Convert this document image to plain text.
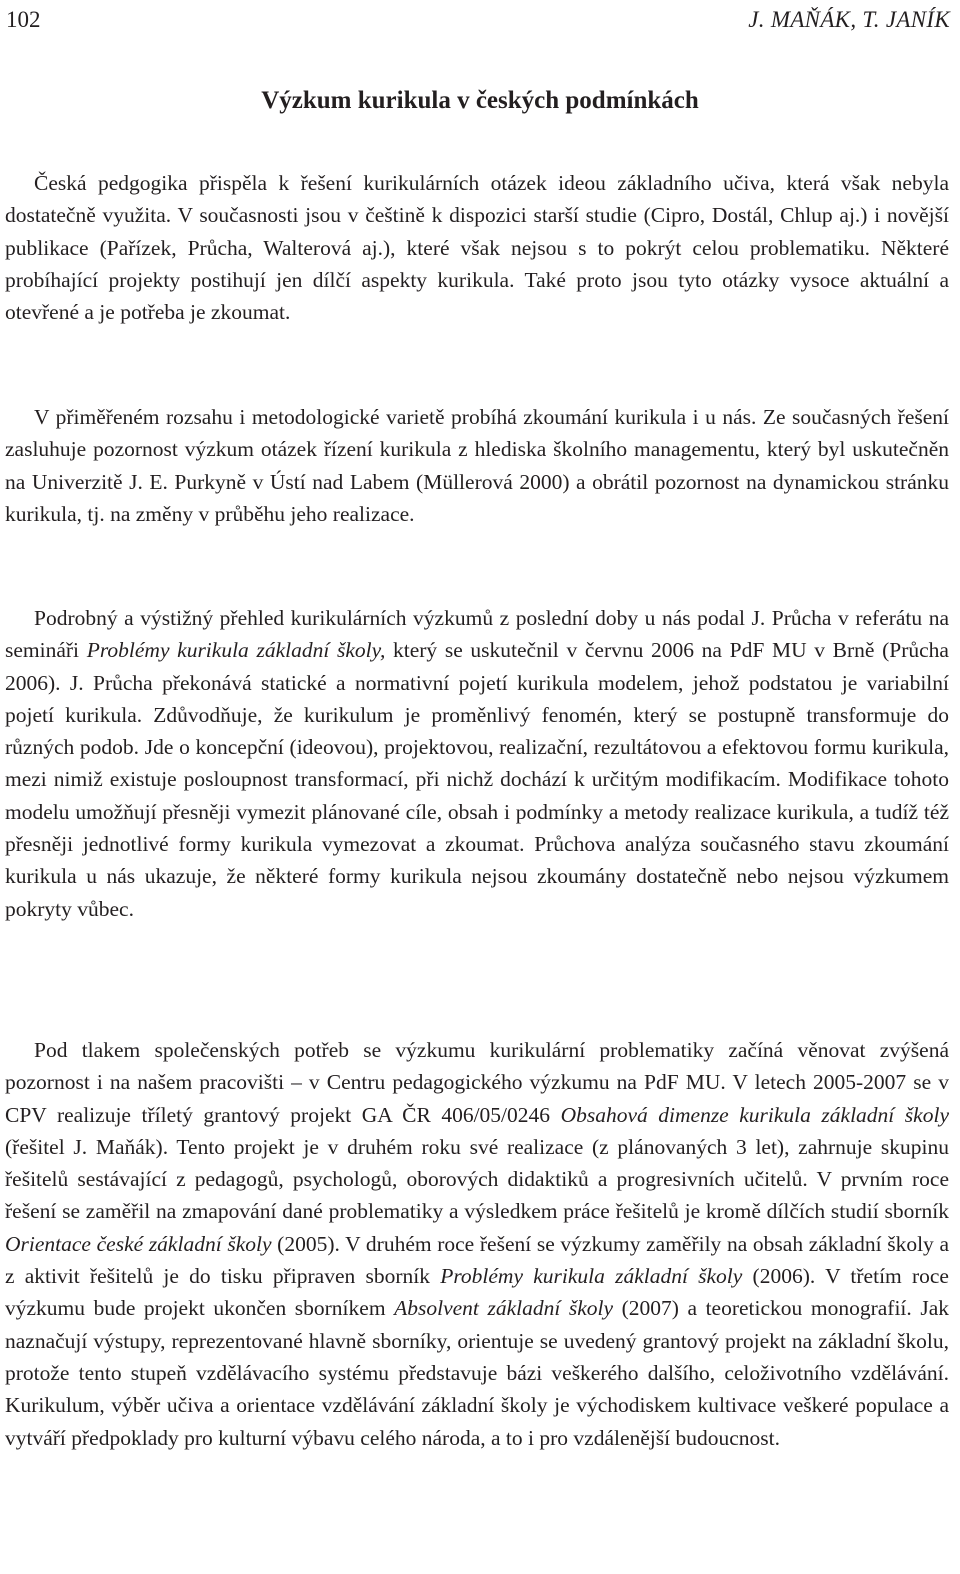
102	J. MAŇÁK, T. JANÍK
Výzkum kurikula v českých podmínkách

Česká pedgogika přispěla k řešení kurikulárních otázek ideou základního učiva, která však nebyla dostatečně využita. V současnosti jsou v češtině k dispozici starší studie (Cipro, Dostál, Chlup aj.) i novější publikace (Pařízek, Průcha, Walterová aj.), které však nejsou s to pokrýt celou problematiku. Některé probíhající projekty postihují jen dílčí aspekty kurikula. Také proto jsou tyto otázky vysoce aktuální a otevřené a je potřeba je zkoumat.

V přiměřeném rozsahu i metodologické varietě probíhá zkoumání kurikula i u nás. Ze současných řešení zasluhuje pozornost výzkum otázek řízení kurikula z hlediska školního managementu, který byl uskutečněn na Univerzitě J. E. Purkyně v Ústí nad Labem (Müllerová 2000) a obrátil pozornost na dynamickou stránku kurikula, tj. na změny v průběhu jeho realizace.

Podrobný a výstižný přehled kurikulárních výzkumů z poslední doby u nás podal J. Průcha v referátu na semináři Problémy kurikula základní školy, který se uskutečnil v červnu 2006 na PdF MU v Brně (Průcha 2006). J. Průcha překonává statické a normativní pojetí kurikula modelem, jehož podstatou je variabilní pojetí kurikula. Zdůvodňuje, že kurikulum je proměnlivý fenomén, který se postupně transformuje do různých podob. Jde o koncepční (ideovou), projektovou, realizační, rezultátovou a efektovou formu kurikula, mezi nimiž existuje posloupnost transformací, při nichž dochází k určitým modifikacím. Modifikace tohoto modelu umožňují přesněji vymezit plánované cíle, obsah i podmínky a metody realizace kurikula, a tudíž též přesněji jednotlivé formy kurikula vymezovat a zkoumat. Průchova analýza současného stavu zkoumání kurikula u nás ukazuje, že některé formy kurikula nejsou zkoumány dostatečně nebo nejsou výzkumem pokryty vůbec.

Pod tlakem společenských potřeb se výzkumu kurikulární problematiky začíná věnovat zvýšená pozornost i na našem pracovišti – v Centru pedagogického výzkumu na PdF MU. V letech 2005-2007 se v CPV realizuje tříletý grantový projekt GA ČR 406/05/0246 Obsahová dimenze kurikula základní školy (řešitel J. Maňák). Tento projekt je v druhém roku své realizace (z plánovaných 3 let), zahrnuje skupinu řešitelů sestávající z pedagogů, psychologů, oborových didaktiků a progresivních učitelů. V prvním roce řešení se zaměřil na zmapování dané problematiky a výsledkem práce řešitelů je kromě dílčích studií sborník Orientace české základní školy (2005). V druhém roce řešení se výzkumy zaměřily na obsah základní školy a z aktivit řešitelů je do tisku připraven sborník Problémy kurikula základní školy (2006). V třetím roce výzkumu bude projekt ukončen sborníkem Absolvent základní školy (2007) a teoretickou monografií. Jak naznačují výstupy, reprezentované hlavně sborníky, orientuje se uvedený grantový projekt na základní školu, protože tento stupeň vzdělávacího systému představuje bázi veškerého dalšího, celoživotního vzdělávání. Kurikulum, výběr učiva a orientace vzdělávání základní školy je východiskem kultivace veškeré populace a vytváří předpoklady pro kulturní výbavu celého národa, a to i pro vzdálenější budoucnost.
